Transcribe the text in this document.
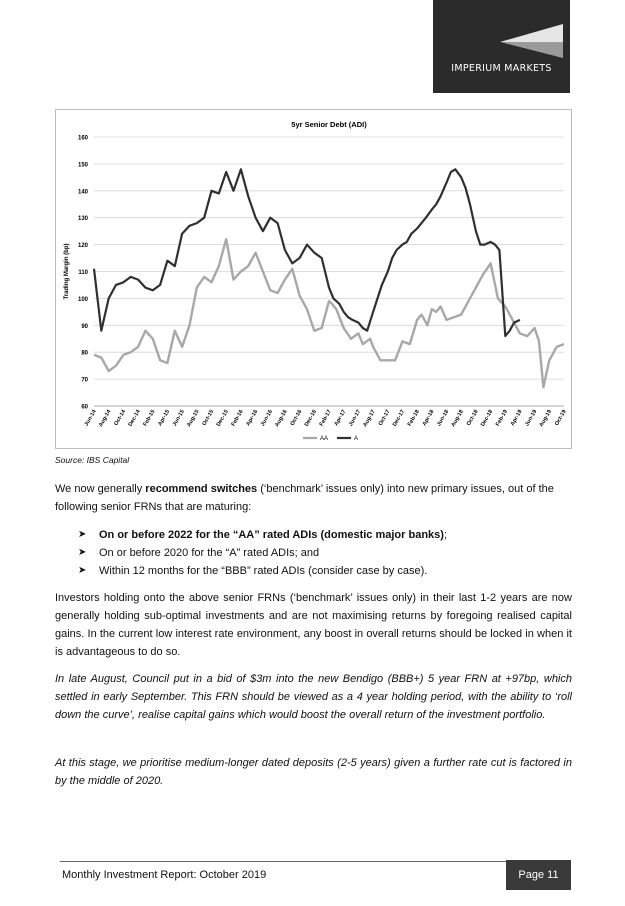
IMPERIUM MARKETS
5yr Senior Debt (ADI)
60
70
80
90
100
110
120
130
140
150
160
Trading Margin (bp)
Jun-14 Aug-14 Oct-14 Dec-14 Feb-15 Apr-15 Jun-15 Aug-15 Oct-15 Dec-15 Feb-16 Apr-16 Jun-16 Aug-16 Oct-16 Dec-16 Feb-17 Apr-17 Jun-17 Aug-17 Oct-17 Dec-17 Feb-18 Apr-18 Jun-18 Aug-18 Oct-18 Dec-18 Feb-19 Apr-19 Jun-19 Aug-19 Oct-19
AA	A
Source: IBS Capital
We now generally recommend switches (‘benchmark’ issues only) into new primary issues, out of the following senior FRNs that are maturing:
➤ On or before 2022 for the “AA” rated ADIs (domestic major banks);
➤ On or before 2020 for the “A” rated ADIs; and
➤ Within 12 months for the “BBB” rated ADIs (consider case by case).
Investors holding onto the above senior FRNs (‘benchmark’ issues only) in their last 1-2 years are now generally holding sub-optimal investments and are not maximising returns by foregoing realised capital gains. In the current low interest rate environment, any boost in overall returns should be locked in when it is advantageous to do so.
In late August, Council put in a bid of $3m into the new Bendigo (BBB+) 5 year FRN at +97bp, which settled in early September. This FRN should be viewed as a 4 year holding period, with the ability to ‘roll down the curve’, realise capital gains which would boost the overall return of the investment portfolio.
At this stage, we prioritise medium-longer dated deposits (2-5 years) given a further rate cut is factored in by the middle of 2020.
Monthly Investment Report: October 2019	Page 11
